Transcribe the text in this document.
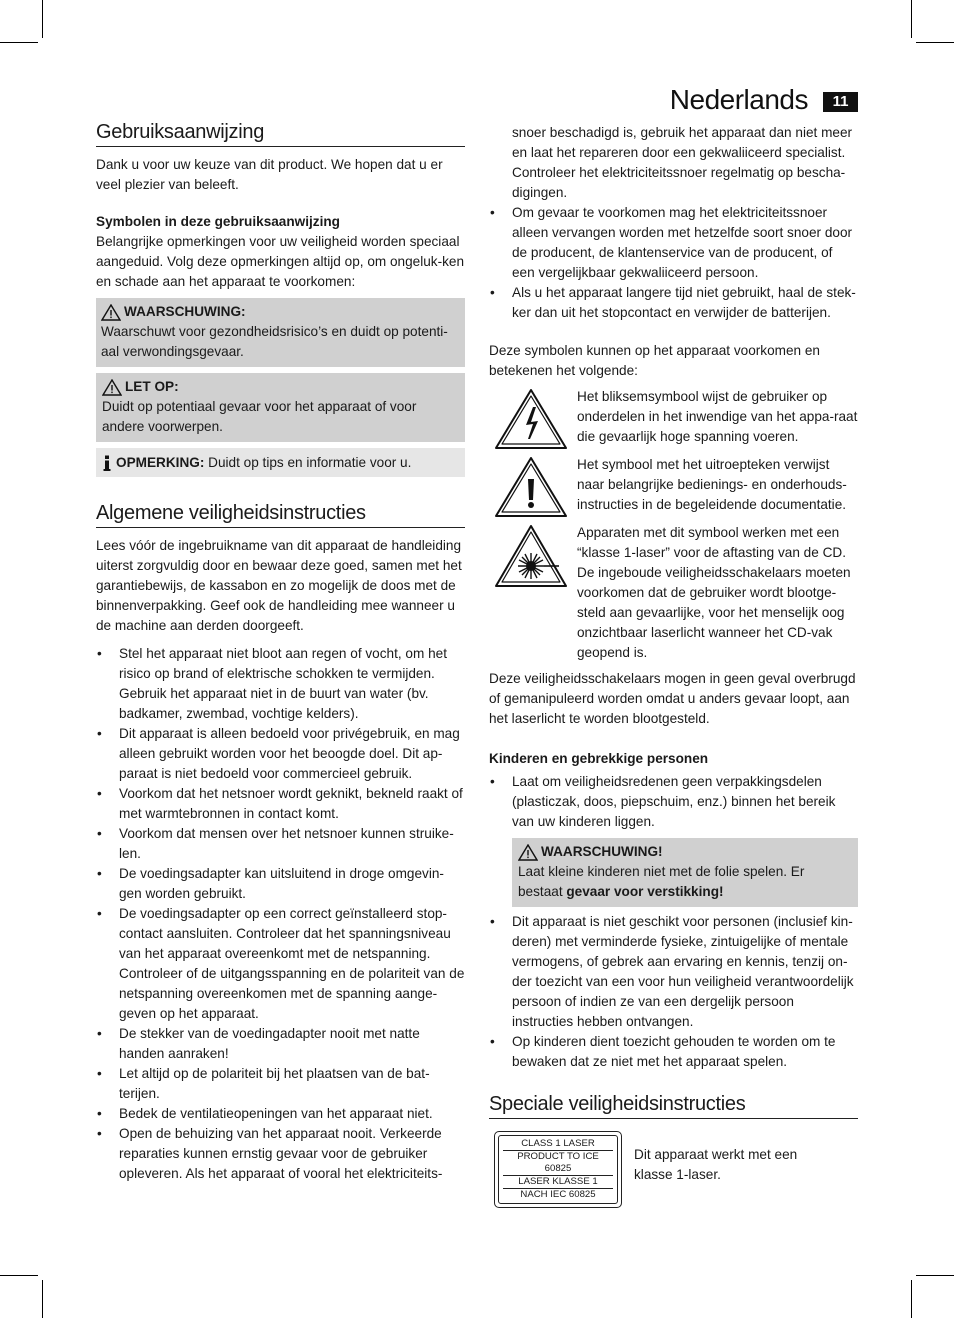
Nederlands	11
Gebruiksaanwijzing

Dank u voor uw keuze van dit product. We hopen dat u er veel plezier van beleeft.

Symbolen in deze gebruiksaanwijzing

Belangrijke opmerkingen voor uw veiligheid worden speciaal aangeduid. Volg deze opmerkingen altijd op, om ongeluk-ken en schade aan het apparaat te voorkomen:

WAARSCHUWING:

Waarschuwt voor gezondheidsrisico’s en duidt op potenti-aal verwondingsgevaar.

LET OP:

Duidt op potentiaal gevaar voor het apparaat of voor andere voorwerpen.

OPMERKING: Duidt op tips en informatie voor u.
Algemene veiligheidsinstructies

Lees vóór de ingebruikname van dit apparaat de handleiding uiterst zorgvuldig door en bewaar deze goed, samen met het garantiebewijs, de kassabon en zo mogelijk de doos met de binnenverpakking. Geef ook de handleiding mee wanneer u de machine aan derden doorgeeft.

• Stel het apparaat niet bloot aan regen of vocht, om het risico op brand of elektrische schokken te vermijden. Gebruik het apparaat niet in de buurt van water (bv. badkamer, zwembad, vochtige kelders).
• Dit apparaat is alleen bedoeld voor privégebruik, en mag alleen gebruikt worden voor het beoogde doel. Dit ap-paraat is niet bedoeld voor commercieel gebruik.
• Voorkom dat het netsnoer wordt geknikt, bekneld raakt of met warmtebronnen in contact komt.
• Voorkom dat mensen over het netsnoer kunnen struike-len.
• De voedingsadapter kan uitsluitend in droge omgevin-gen worden gebruikt.
• De voedingsadapter op een correct geïnstalleerd stop-contact aansluiten. Controleer dat het spanningsniveau van het apparaat overeenkomt met de netspanning. Controleer of de uitgangsspanning en de polariteit van de netspanning overeenkomen met de spanning aange-geven op het apparaat.
• De stekker van de voedingadapter nooit met natte handen aanraken!
• Let altijd op de polariteit bij het plaatsen van de bat-terijen.
• Bedek de ventilatieopeningen van het apparaat niet.
• Open de behuizing van het apparaat nooit. Verkeerde reparaties kunnen ernstig gevaar voor de gebruiker opleveren. Als het apparaat of vooral het elektriciteits-
snoer beschadigd is, gebruik het apparaat dan niet meer en laat het repareren door een gekwaliiceerd specialist. Controleer het elektriciteitssnoer regelmatig op bescha-digingen.
• Om gevaar te voorkomen mag het elektriciteitssnoer alleen vervangen worden met hetzelfde soort snoer door de producent, de klantenservice van de producent, of een vergelijkbaar gekwaliiceerd persoon.
• Als u het apparaat langere tijd niet gebruikt, haal de stek-ker dan uit het stopcontact en verwijder de batterijen.

Deze symbolen kunnen op het apparaat voorkomen en betekenen het volgende:

Het bliksemsymbool wijst de gebruiker op onderdelen in het inwendige van het appa-raat die gevaarlijk hoge spanning voeren.

Het symbool met het uitroepteken verwijst naar belangrijke bedienings- en onderhouds-instructies in de begeleidende documentatie.

Apparaten met dit symbool werken met een “klasse 1-laser” voor de aftasting van de CD. De ingeboude veiligheidsschakelaars moeten voorkomen dat de gebruiker wordt blootge-steld aan gevaarlijke, voor het menselijk oog onzichtbaar laserlicht wanneer het CD-vak geopend is.

Deze veiligheidsschakelaars mogen in geen geval overbrugd of gemanipuleerd worden omdat u anders gevaar loopt, aan het laserlicht te worden blootgesteld.

Kinderen en gebrekkige personen
• Laat om veiligheidsredenen geen verpakkingsdelen (plasticzak, doos, piepschuim, enz.) binnen het bereik van uw kinderen liggen.
WAARSCHUWING!

Laat kleine kinderen niet met de folie spelen. Er bestaat gevaar voor verstikking!

• Dit apparaat is niet geschikt voor personen (inclusief kin-deren) met verminderde fysieke, zintuigelijke of mentale vermogens, of gebrek aan ervaring en kennis, tenzij on-der toezicht van een voor hun veiligheid verantwoordelijk persoon of indien ze van een dergelijk persoon instructies hebben ontvangen.
• Op kinderen dient toezicht gehouden te worden om te bewaken dat ze niet met het apparaat spelen.
Speciale veiligheidsinstructies
CLASS 1 LASER
PRODUCT TO ICE 60825
LASER KLASSE 1
NACH IEC 60825

Dit apparaat werkt met een klasse 1-laser.
